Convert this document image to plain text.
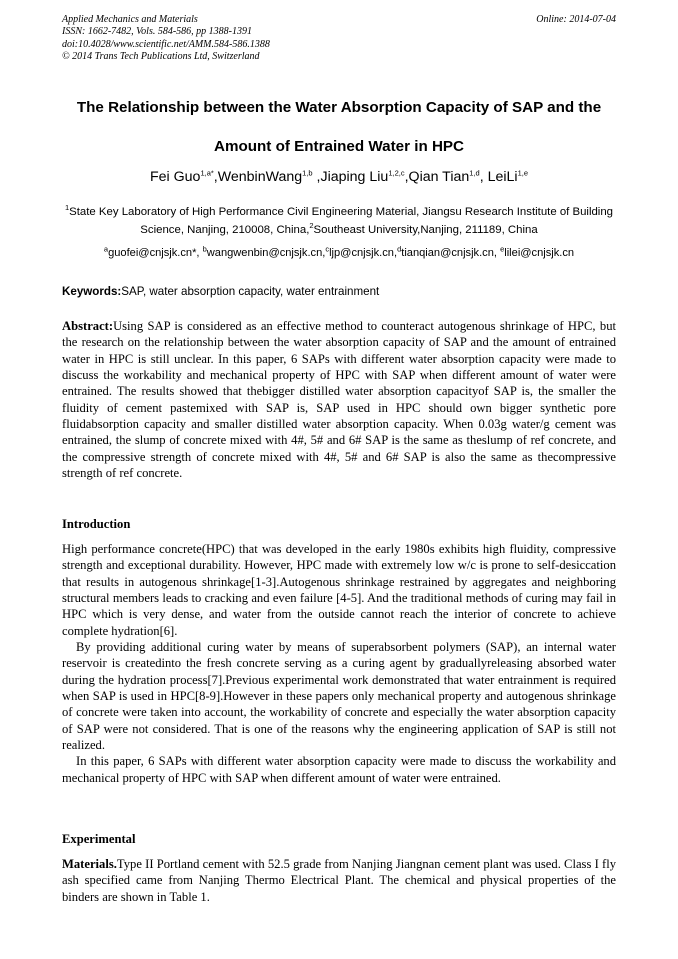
Applied Mechanics and Materials
ISSN: 1662-7482, Vols. 584-586, pp 1388-1391
doi:10.4028/www.scientific.net/AMM.584-586.1388
© 2014 Trans Tech Publications Ltd, Switzerland
Online: 2014-07-04
The Relationship between the Water Absorption Capacity of SAP and the
Amount of Entrained Water in HPC
Fei Guo$^{1,a*}$,WenbinWang$^{1,b}$ ,Jiaping Liu$^{1,2,c}$,Qian Tian$^{1,d}$, LeiLi$^{1,e}$
$^1$State Key Laboratory of High Performance Civil Engineering Material, Jiangsu Research Institute of Building Science, Nanjing, 210008, China,$^2$Southeast University,Nanjing, 211189, China
$^a$guofei@cnjsjk.cn*, $^b$wangwenbin@cnjsjk.cn,$^c$ljp@cnjsjk.cn,$^d$tianqian@cnjsjk.cn, $^e$lilei@cnjsjk.cn
Keywords:SAP, water absorption capacity, water entrainment
Abstract:Using SAP is considered as an effective method to counteract autogenous shrinkage of HPC, but the research on the relationship between the water absorption capacity of SAP and the amount of entrained water in HPC is still unclear. In this paper, 6 SAPs with different water absorption capacity were made to discuss the workability and mechanical property of HPC with SAP when different amount of water were entrained. The results showed that thebigger distilled water absorption capacityof SAP is, the smaller the fluidity of cement pastemixed with SAP is, SAP used in HPC should own bigger synthetic pore fluidabsorption capacity and smaller distilled water absorption capacity. When 0.03g water/g cement was entrained, the slump of concrete mixed with 4#, 5# and 6# SAP is the same as theslump of ref concrete, and the compressive strength of concrete mixed with 4#, 5# and 6# SAP is also the same as thecompressive strength of ref concrete.
Introduction

High performance concrete(HPC) that was developed in the early 1980s exhibits high fluidity, compressive strength and exceptional durability. However, HPC made with extremely low w/c is prone to self-desiccation that results in autogenous shrinkage[1-3].Autogenous shrinkage restrained by aggregates and neighboring structural members leads to cracking and even failure [4-5]. And the traditional methods of curing may fail in HPC which is very dense, and water from the outside cannot reach the interior of concrete to achieve complete hydration[6].

By providing additional curing water by means of superabsorbent polymers (SAP), an internal water reservoir is createdinto the fresh concrete serving as a curing agent by graduallyreleasing absorbed water during the hydration process[7].Previous experimental work demonstrated that water entrainment is required when SAP is used in HPC[8-9].However in these papers only mechanical property and autogenous shrinkage of concrete were taken into account, the workability of concrete and especially the water absorption capacity of SAP were not considered. That is one of the reasons why the engineering application of SAP is still not realized.

In this paper, 6 SAPs with different water absorption capacity were made to discuss the workability and mechanical property of HPC with SAP when different amount of water were entrained.

Experimental
Materials.Type II Portland cement with 52.5 grade from Nanjing Jiangnan cement plant was used. Class I fly ash specified came from Nanjing Thermo Electrical Plant. The chemical and physical properties of the binders are shown in Table 1.
